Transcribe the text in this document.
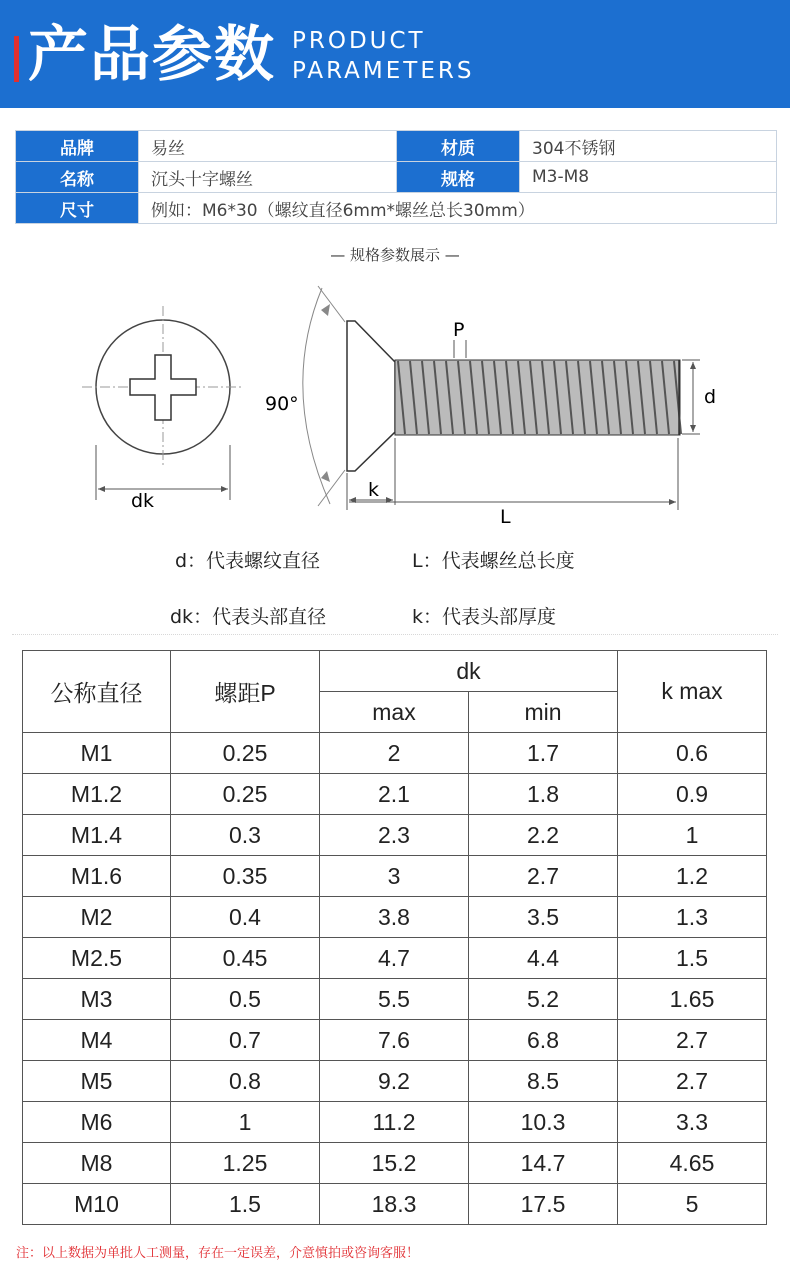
产品参数 PRODUCT
PARAMETERS
品牌	易丝	材质	304不锈钢
名称	沉头十字螺丝	规格	M3-M8
尺寸	例如：M6*30（螺纹直径6mm*螺丝总长30mm）		
— 规格参数展示 —
dk
90°
P
d
k
L
d：代表螺纹直径	L：代表螺丝总长度
dk：代表头部直径	k：代表头部厚度
公称直径	螺距P	dk		k max
		max	min	
M1	0.25	2	1.7	0.6
M1.2	0.25	2.1	1.8	0.9
M1.4	0.3	2.3	2.2	1
M1.6	0.35	3	2.7	1.2
M2	0.4	3.8	3.5	1.3
M2.5	0.45	4.7	4.4	1.5
M3	0.5	5.5	5.2	1.65
M4	0.7	7.6	6.8	2.7
M5	0.8	9.2	8.5	2.7
M6	1	11.2	10.3	3.3
M8	1.25	15.2	14.7	4.65
M10	1.5	18.3	17.5	5
注：以上数据为单批人工测量，存在一定误差，介意慎拍或咨询客服！
